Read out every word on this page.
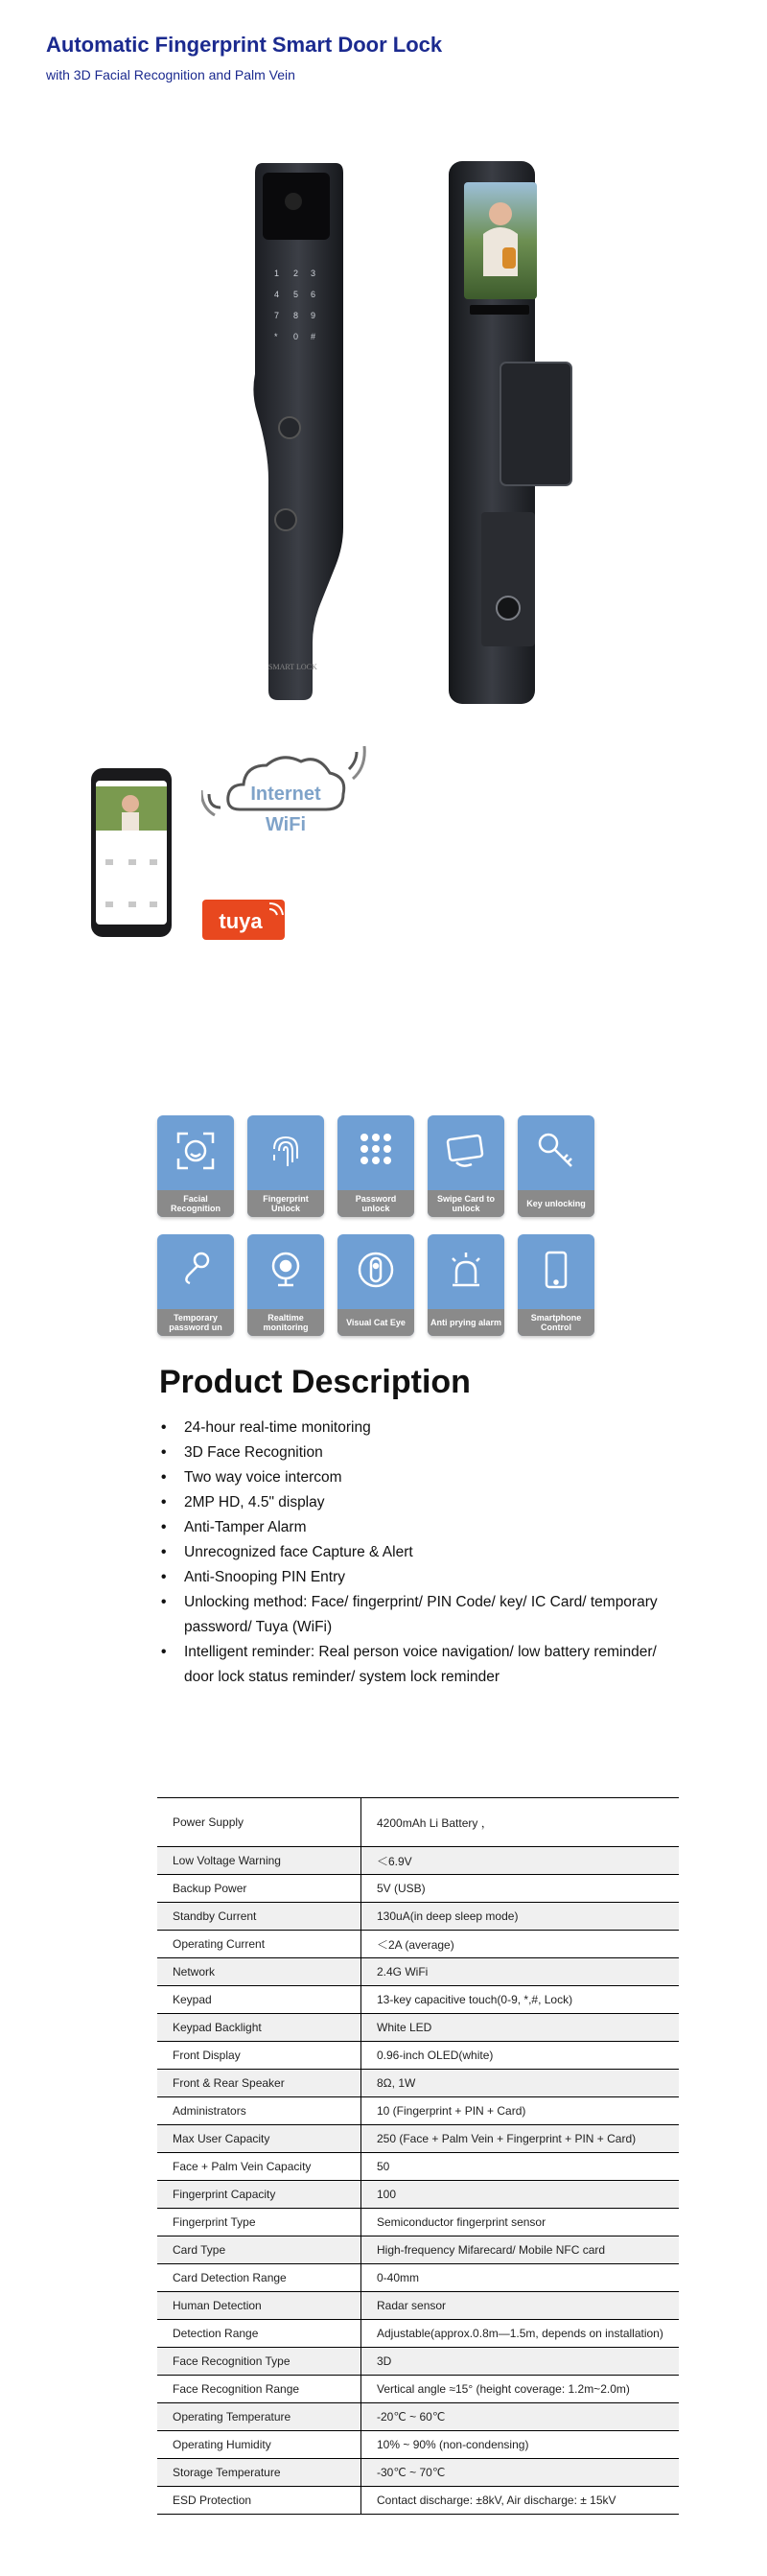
Automatic Fingerprint Smart Door Lock

with 3D Facial Recognition and Palm Vein

1 2 3
4 5 6
7 8 9
* 0 #
SMART LOCK
Internet
WiFi
tuya
Facial Recognition
Fingerprint Unlock
Password unlock
Swipe Card to unlock	Key unlocking
Temporary password un
Realtime monitoring	Visual Cat Eye	Anti prying alarm	Smartphone Control
Product Description
• 24-hour real-time monitoring
• 3D Face Recognition
• Two way voice intercom
• 2MP HD, 4.5" display
• Anti-Tamper Alarm
• Unrecognized face Capture & Alert
• Anti-Snooping PIN Entry
• Unlocking method: Face/ fingerprint/ PIN Code/ key/ IC Card/ temporary password/ Tuya (WiFi)
• Intelligent reminder: Real person voice navigation/ low battery reminder/ door lock status reminder/ system lock reminder
Power Supply	4200mAh Li Battery ，
Low Voltage Warning	＜6.9V
Backup Power	5V (USB)
Standby Current	130uA(in deep sleep mode)
Operating Current	＜2A (average)
Network	2.4G WiFi
Keypad	13-key capacitive touch(0-9, *,#, Lock)
Keypad Backlight	White LED
Front Display	0.96-inch OLED(white)
Front & Rear Speaker	8Ω, 1W
Administrators	10 (Fingerprint + PIN + Card)
Max User Capacity	250 (Face + Palm Vein + Fingerprint + PIN + Card)
Face + Palm Vein Capacity	50
Fingerprint Capacity	100
Fingerprint Type	Semiconductor fingerprint sensor
Card Type	High-frequency Mifarecard/ Mobile NFC card
Card Detection Range	0-40mm
Human Detection	Radar sensor
Detection Range	Adjustable(approx.0.8m—1.5m, depends on installation)
Face Recognition Type	3D
Face Recognition Range	Vertical angle ≈15° (height coverage: 1.2m~2.0m)
Operating Temperature	-20℃ ~ 60℃
Operating Humidity	10% ~ 90% (non-condensing)
Storage Temperature	-30℃ ~ 70℃
ESD Protection	Contact discharge: ±8kV, Air discharge: ± 15kV
